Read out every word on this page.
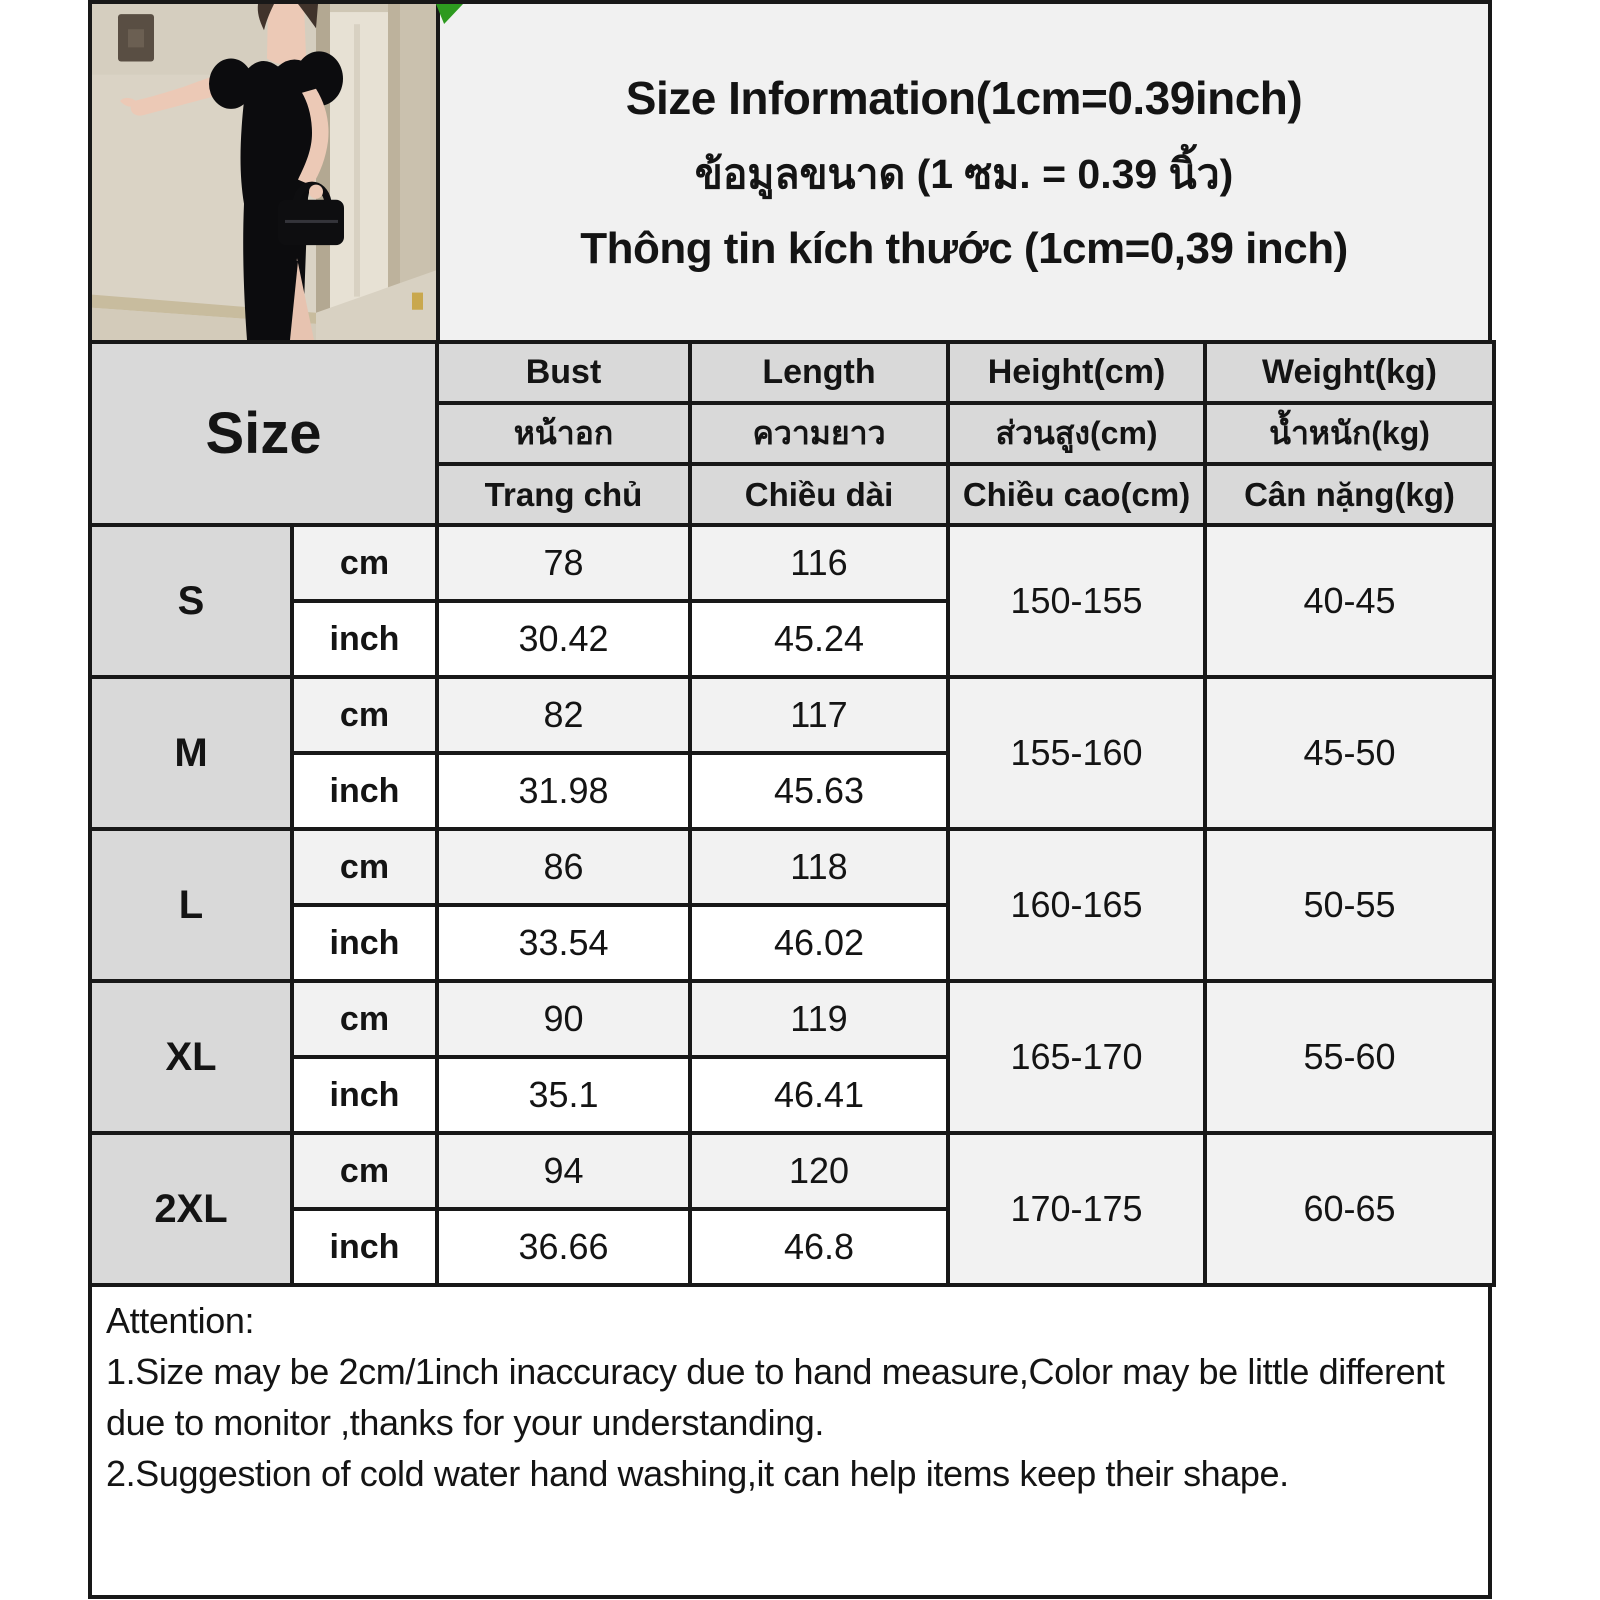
Size Information(1cm=0.39inch)
ข้อมูลขนาด (1 ซม. = 0.39 นิ้ว)
Thông tin kích thước (1cm=0,39 inch)
Size		Bust	Length	Height(cm)	Weight(kg)
		หน้าอก	ความยาว	ส่วนสูง(cm)	น้ำหนัก(kg)
		Trang chủ	Chiều dài	Chiều cao(cm)	Cân nặng(kg)
S	cm	78	116	150-155	40-45
	inch	30.42	45.24		
M	cm	82	117	155-160	45-50
	inch	31.98	45.63		
L	cm	86	118	160-165	50-55
	inch	33.54	46.02		
XL	cm	90	119	165-170	55-60
	inch	35.1	46.41		
2XL	cm	94	120	170-175	60-65
	inch	36.66	46.8		

Attention:

1.Size may be 2cm/1inch inaccuracy due to hand measure,Color may be little different due to monitor ,thanks for your understanding.

2.Suggestion of cold water hand washing,it can help items keep their shape.
